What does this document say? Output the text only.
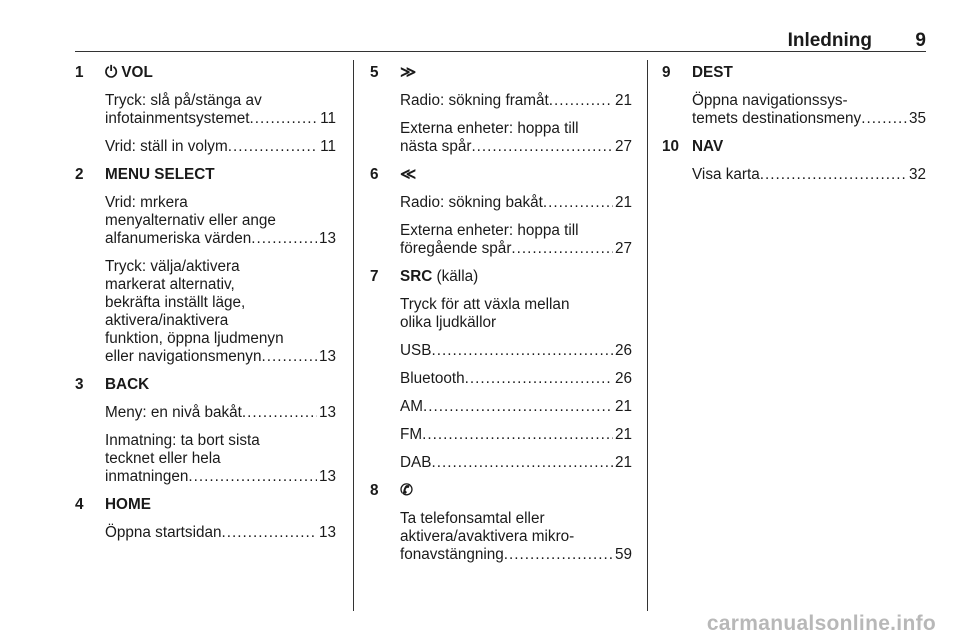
Inledning 9
1 ⏻ VOL
Tryck: slå på/stänga av
infotainmentsystemet .....	11
Vrid: ställ in volym .....	11
2 MENU SELECT
Vrid: mrkera
menyalternativ eller ange
alfanumeriska värden .....	13
Tryck: välja/aktivera
markerat alternativ,
bekräfta inställt läge,
aktivera/inaktivera
funktion, öppna ljudmenyn
eller navigationsmenyn .....	13
3 BACK
Meny: en nivå bakåt .....	13
Inmatning: ta bort sista
tecknet eller hela
inmatningen .....	13
4 HOME
Öppna startsidan .....	13
5 ≫
Radio: sökning framåt .....	21
Externa enheter: hoppa till
nästa spår .....	27
6 ≪
Radio: sökning bakåt .....	21
Externa enheter: hoppa till
föregående spår .....	27
7 SRC (källa)
Tryck för att växla mellan
olika ljudkällor
USB .....	26
Bluetooth .....	26
AM .....	21
FM .....	21
DAB .....	21
8 ✆
Ta telefonsamtal eller
aktivera/avaktivera mikro-
fonavstängning .....	59
9 DEST
Öppna navigationssys-
temets destinationsmeny .....	35
10 NAV
Visa karta .....	32
carmanualsonline.info
